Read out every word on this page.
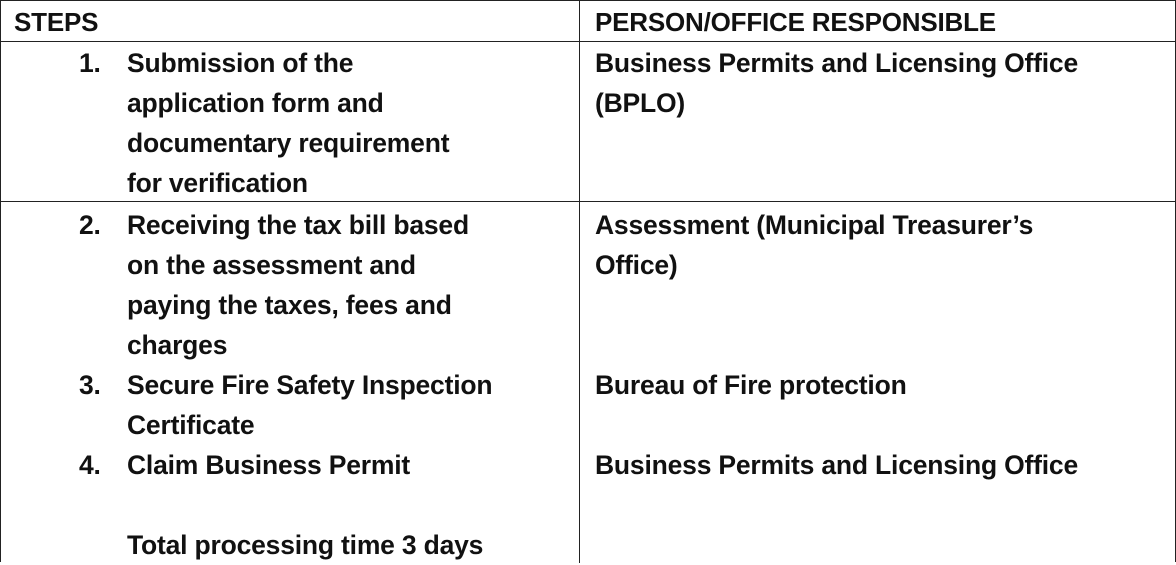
STEPS	PERSON/OFFICE RESPONSIBLE
1. Submission of the
application form and
documentary requirement
for verification
Business Permits and Licensing Office
(BPLO)
2. Receiving the tax bill based
on the assessment and
paying the taxes, fees and
charges
Assessment (Municipal Treasurer’s
Office)
3. Secure Fire Safety Inspection
Certificate
Bureau of Fire protection
4. Claim Business Permit	Business Permits and Licensing Office
Total processing time 3 days
